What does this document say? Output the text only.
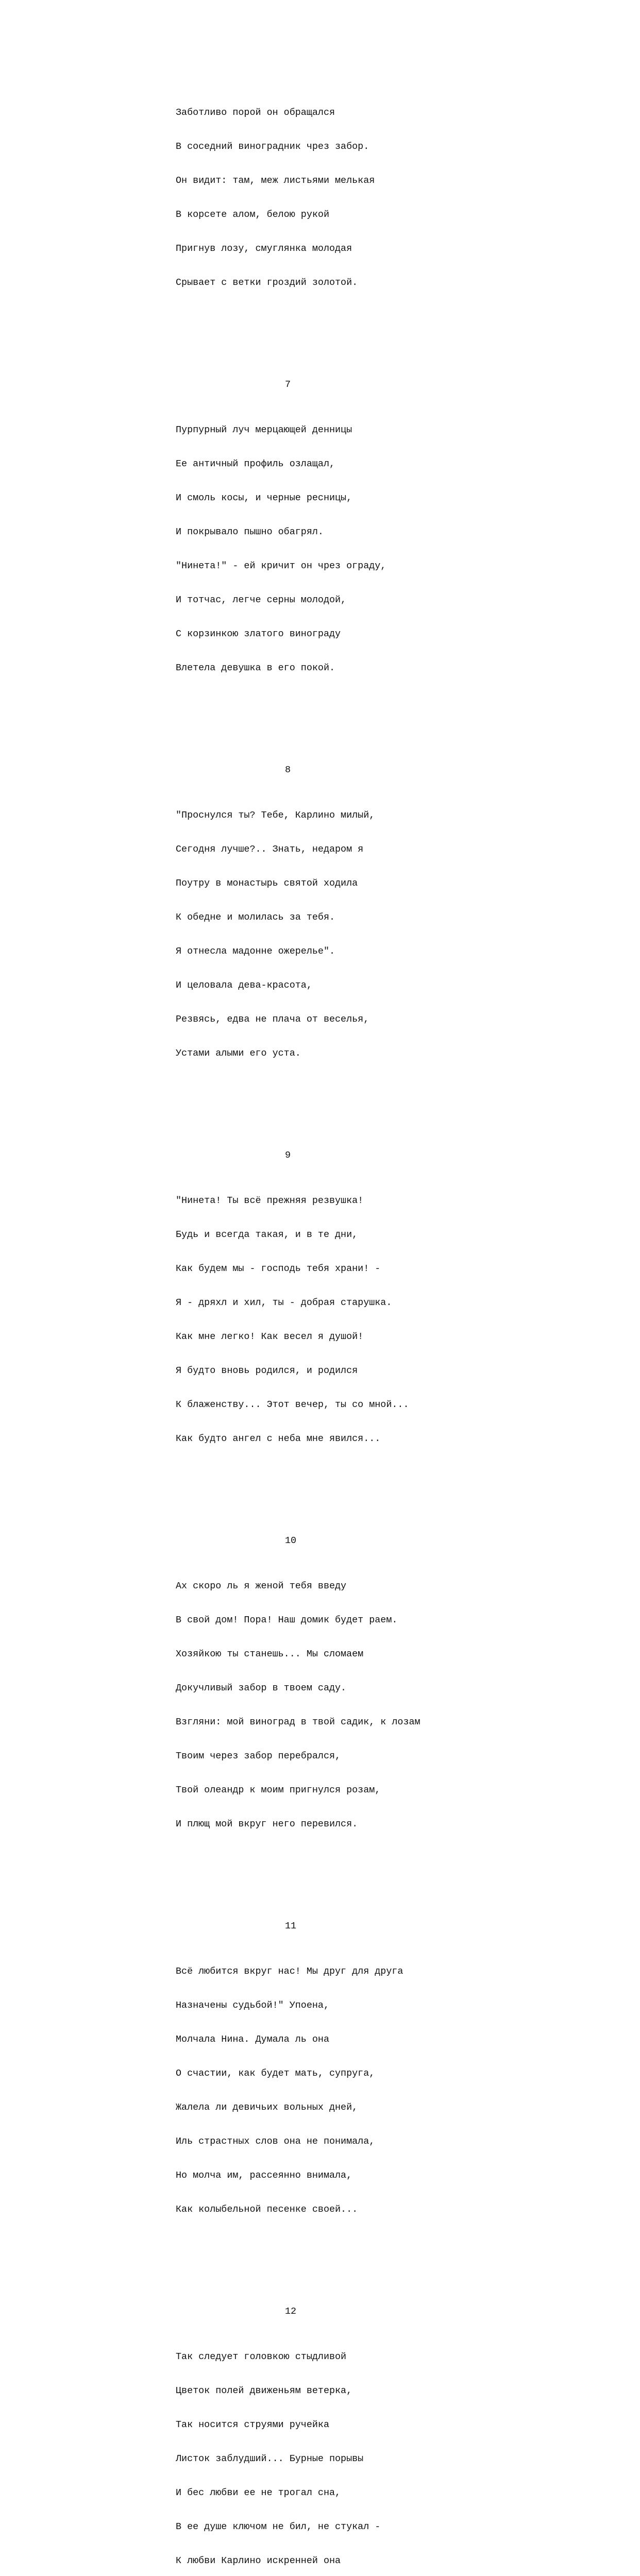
Заботливо порой он обращался

В соседний виноградник чрез забор.

Он видит: там, меж листьями мелькая

В корсете алом, белою рукой

Пригнув лозу, смуглянка молодая

Срывает с ветки гроздий золотой.

7

Пурпурный луч мерцающей денницы

Ее античный профиль озлащал,

И смоль косы, и черные ресницы,

И покрывало пышно обагрял.

"Нинета!" - ей кричит он чрез ограду,

И тотчас, легче серны молодой,

С корзинкою златого винограду

Влетела девушка в его покой.

8

"Проснулся ты? Тебе, Карлино милый,

Сегодня лучше?.. Знать, недаром я

Поутру в монастырь святой ходила

К обедне и молилась за тебя.

Я отнесла мадонне ожерелье".

И целовала дева-красота,

Резвясь, едва не плача от веселья,

Устами алыми его уста.

9

"Нинета! Ты всё прежняя резвушка!

Будь и всегда такая, и в те дни,

Как будем мы - господь тебя храни! -

Я - дряхл и хил, ты - добрая старушка.

Как мне легко! Как весел я душой!

Я будто вновь родился, и родился

К блаженству... Этот вечер, ты со мной...

Как будто ангел с неба мне явился...

10

Ах скоро ль я женой тебя введу

В свой дом! Пора! Наш домик будет раем.

Хозяйкою ты станешь... Мы сломаем

Докучливый забор в твоем саду.

Взгляни: мой виноград в твой садик, к лозам

Твоим через забор перебрался,

Твой олеандр к моим пригнулся розам,

И плющ мой вкруг него перевился.

11

Всё любится вкруг нас! Мы друг для друга

Назначены судьбой!" Упоена,

Молчала Нина. Думала ль она

О счастии, как будет мать, супруга,

Жалела ли девичьих вольных дней,

Иль страстных слов она не понимала,

Но молча им, рассеянно внимала,

Как колыбельной песенке своей...

12

Так следует головкою стыдливой

Цветок полей движеньям ветерка,

Так носится струями ручейка

Листок заблудший... Бурные порывы

И бес любви ее не трогал сна,

В ее душе ключом не бил, не стукал -

К любви Карлино искренней она
